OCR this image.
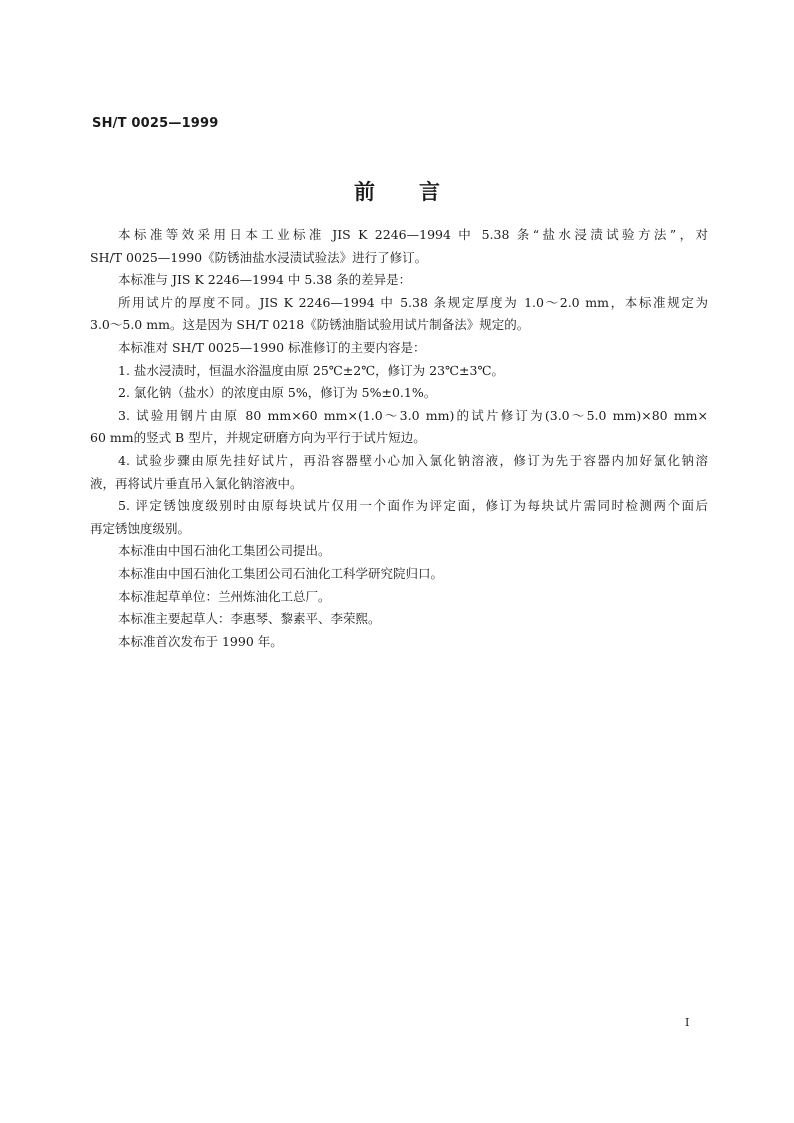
SH/T 0025—1999
前 言

本标准等效采用日本工业标准 JIS K 2246—1994 中 5.38 条“盐水浸渍试验方法”，对

SH/T 0025—1990《防锈油盐水浸渍试验法》进行了修订。

本标准与 JIS K 2246—1994 中 5.38 条的差异是：

所用试片的厚度不同。JIS K 2246—1994 中 5.38 条规定厚度为 1.0～2.0 mm，本标准规定为

3.0～5.0 mm。这是因为 SH/T 0218《防锈油脂试验用试片制备法》规定的。

本标准对 SH/T 0025—1990 标准修订的主要内容是：

1. 盐水浸渍时，恒温水浴温度由原 25℃±2℃，修订为 23℃±3℃。

2. 氯化钠（盐水）的浓度由原 5%，修订为 5%±0.1%。

3. 试验用钢片由原 80 mm×60 mm×(1.0～3.0 mm)的试片修订为(3.0～5.0 mm)×80 mm×

60 mm的竖式 B 型片，并规定研磨方向为平行于试片短边。

4. 试验步骤由原先挂好试片，再沿容器壁小心加入氯化钠溶液，修订为先于容器内加好氯化钠溶

液，再将试片垂直吊入氯化钠溶液中。

5. 评定锈蚀度级别时由原每块试片仅用一个面作为评定面，修订为每块试片需同时检测两个面后

再定锈蚀度级别。

本标准由中国石油化工集团公司提出。

本标准由中国石油化工集团公司石油化工科学研究院归口。

本标准起草单位：兰州炼油化工总厂。

本标准主要起草人：李惠琴、黎素平、李荣熙。

本标准首次发布于 1990 年。

I
